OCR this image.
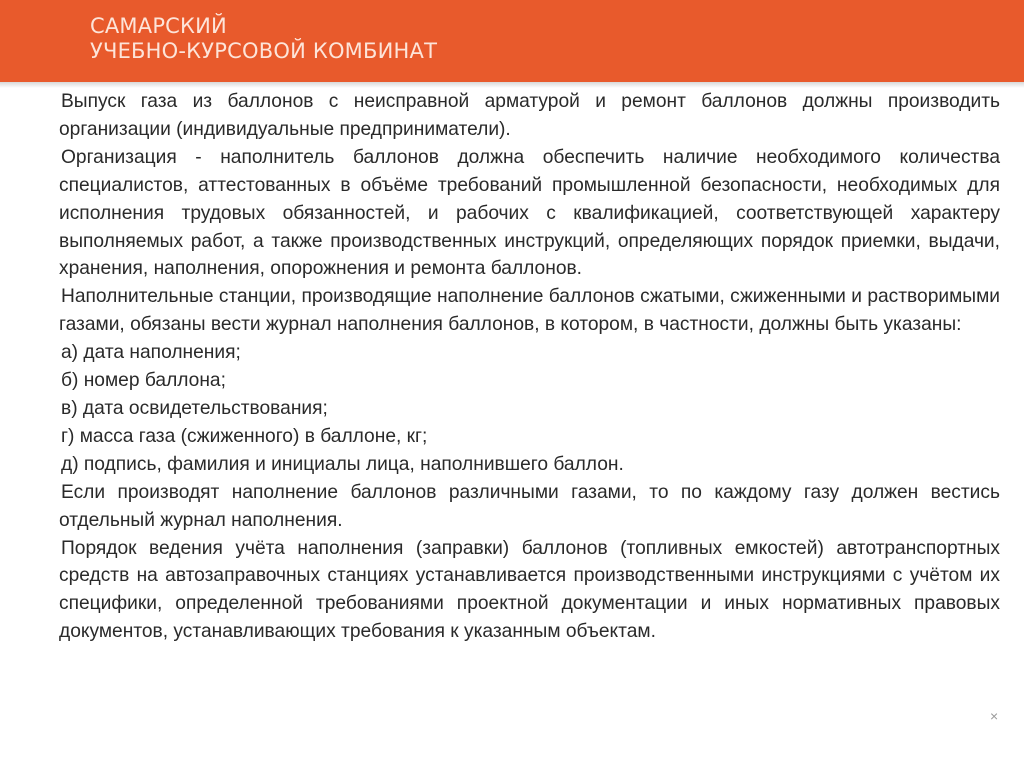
САМАРСКИЙ
УЧЕБНО-КУРСОВОЙ КОМБИНАТ

Выпуск газа из баллонов с неисправной арматурой и ремонт баллонов должны производить организации (индивидуальные предприниматели).

Организация - наполнитель баллонов должна обеспечить наличие необходимого количества специалистов, аттестованных в объёме требований промышленной безопасности, необходимых для исполнения трудовых обязанностей, и рабочих с квалификацией, соответствующей характеру выполняемых работ, а также производственных инструкций, определяющих порядок приемки, выдачи, хранения, наполнения, опорожнения и ремонта баллонов.

Наполнительные станции, производящие наполнение баллонов сжатыми, сжиженными и растворимыми газами, обязаны вести журнал наполнения баллонов, в котором, в частности, должны быть указаны:

а) дата наполнения;

б) номер баллона;

в) дата освидетельствования;

г) масса газа (сжиженного) в баллоне, кг;

д) подпись, фамилия и инициалы лица, наполнившего баллон.

Если производят наполнение баллонов различными газами, то по каждому газу должен вестись отдельный журнал наполнения.

Порядок ведения учёта наполнения (заправки) баллонов (топливных емкостей) автотранспортных средств на автозаправочных станциях устанавливается производственными инструкциями с учётом их специфики, определенной требованиями проектной документации и иных нормативных правовых документов, устанавливающих требования к указанным объектам.

×
